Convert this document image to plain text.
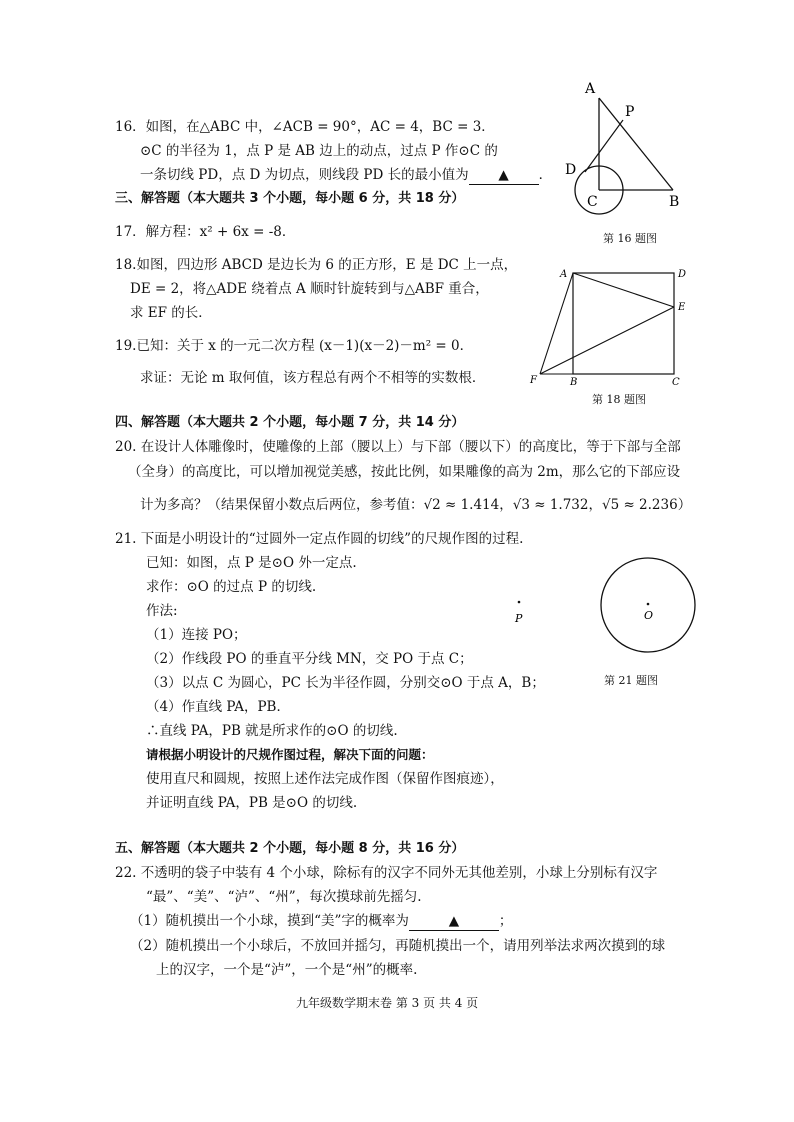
16．如图，在△ABC 中，∠ACB = 90°，AC = 4，BC = 3．
⊙C 的半径为 1，点 P 是 AB 边上的动点，过点 P 作⊙C 的
一条切线 PD，点 D 为切点，则线段 PD 长的最小值为 ▲ ．
A
P
D
C	B
第 16 题图
三、解答题（本大题共 3 个小题，每小题 6 分，共 18 分）
17．解方程：x² + 6x = -8．
18.如图，四边形 ABCD 是边长为 6 的正方形，E 是 DC 上一点，
DE = 2，将△ADE 绕着点 A 顺时针旋转到与△ABF 重合，
求 EF 的长．
A	D
E
F	B	C
第 18 题图
19.已知：关于 x 的一元二次方程 (x－1)(x－2)－m² = 0．
求证：无论 m 取何值，该方程总有两个不相等的实数根．
四、解答题（本大题共 2 个小题，每小题 7 分，共 14 分）
20. 在设计人体雕像时，使雕像的上部（腰以上）与下部（腰以下）的高度比，等于下部与全部
（全身）的高度比，可以增加视觉美感，按此比例，如果雕像的高为 2m，那么它的下部应设
计为多高？（结果保留小数点后两位，参考值：√2 ≈ 1.414，√3 ≈ 1.732，√5 ≈ 2.236）
21. 下面是小明设计的“过圆外一定点作圆的切线”的尺规作图的过程.
已知：如图，点 P 是⊙O 外一定点.
求作：⊙O 的过点 P 的切线.
作法:
（1）连接 PO；
（2）作线段 PO 的垂直平分线 MN，交 PO 于点 C；
（3）以点 C 为圆心，PC 长为半径作圆，分别交⊙O 于点 A，B；
（4）作直线 PA，PB．
∴直线 PA，PB 就是所求作的⊙O 的切线.
请根据小明设计的尺规作图过程，解决下面的问题：
使用直尺和圆规，按照上述作法完成作图（保留作图痕迹），
并证明直线 PA，PB 是⊙O 的切线.
P	O
第 21 题图
五、解答题（本大题共 2 个小题，每小题 8 分，共 16 分）
22. 不透明的袋子中装有 4 个小球，除标有的汉字不同外无其他差别，小球上分别标有汉字
“最”、“美”、“泸”、“州”，每次摸球前先摇匀.
（1）随机摸出一个小球，摸到“美”字的概率为	▲	；
（2）随机摸出一个小球后，不放回并摇匀，再随机摸出一个，请用列举法求两次摸到的球
上的汉字，一个是“泸”，一个是“州”的概率.
九年级数学期末卷 第 3 页 共 4 页
